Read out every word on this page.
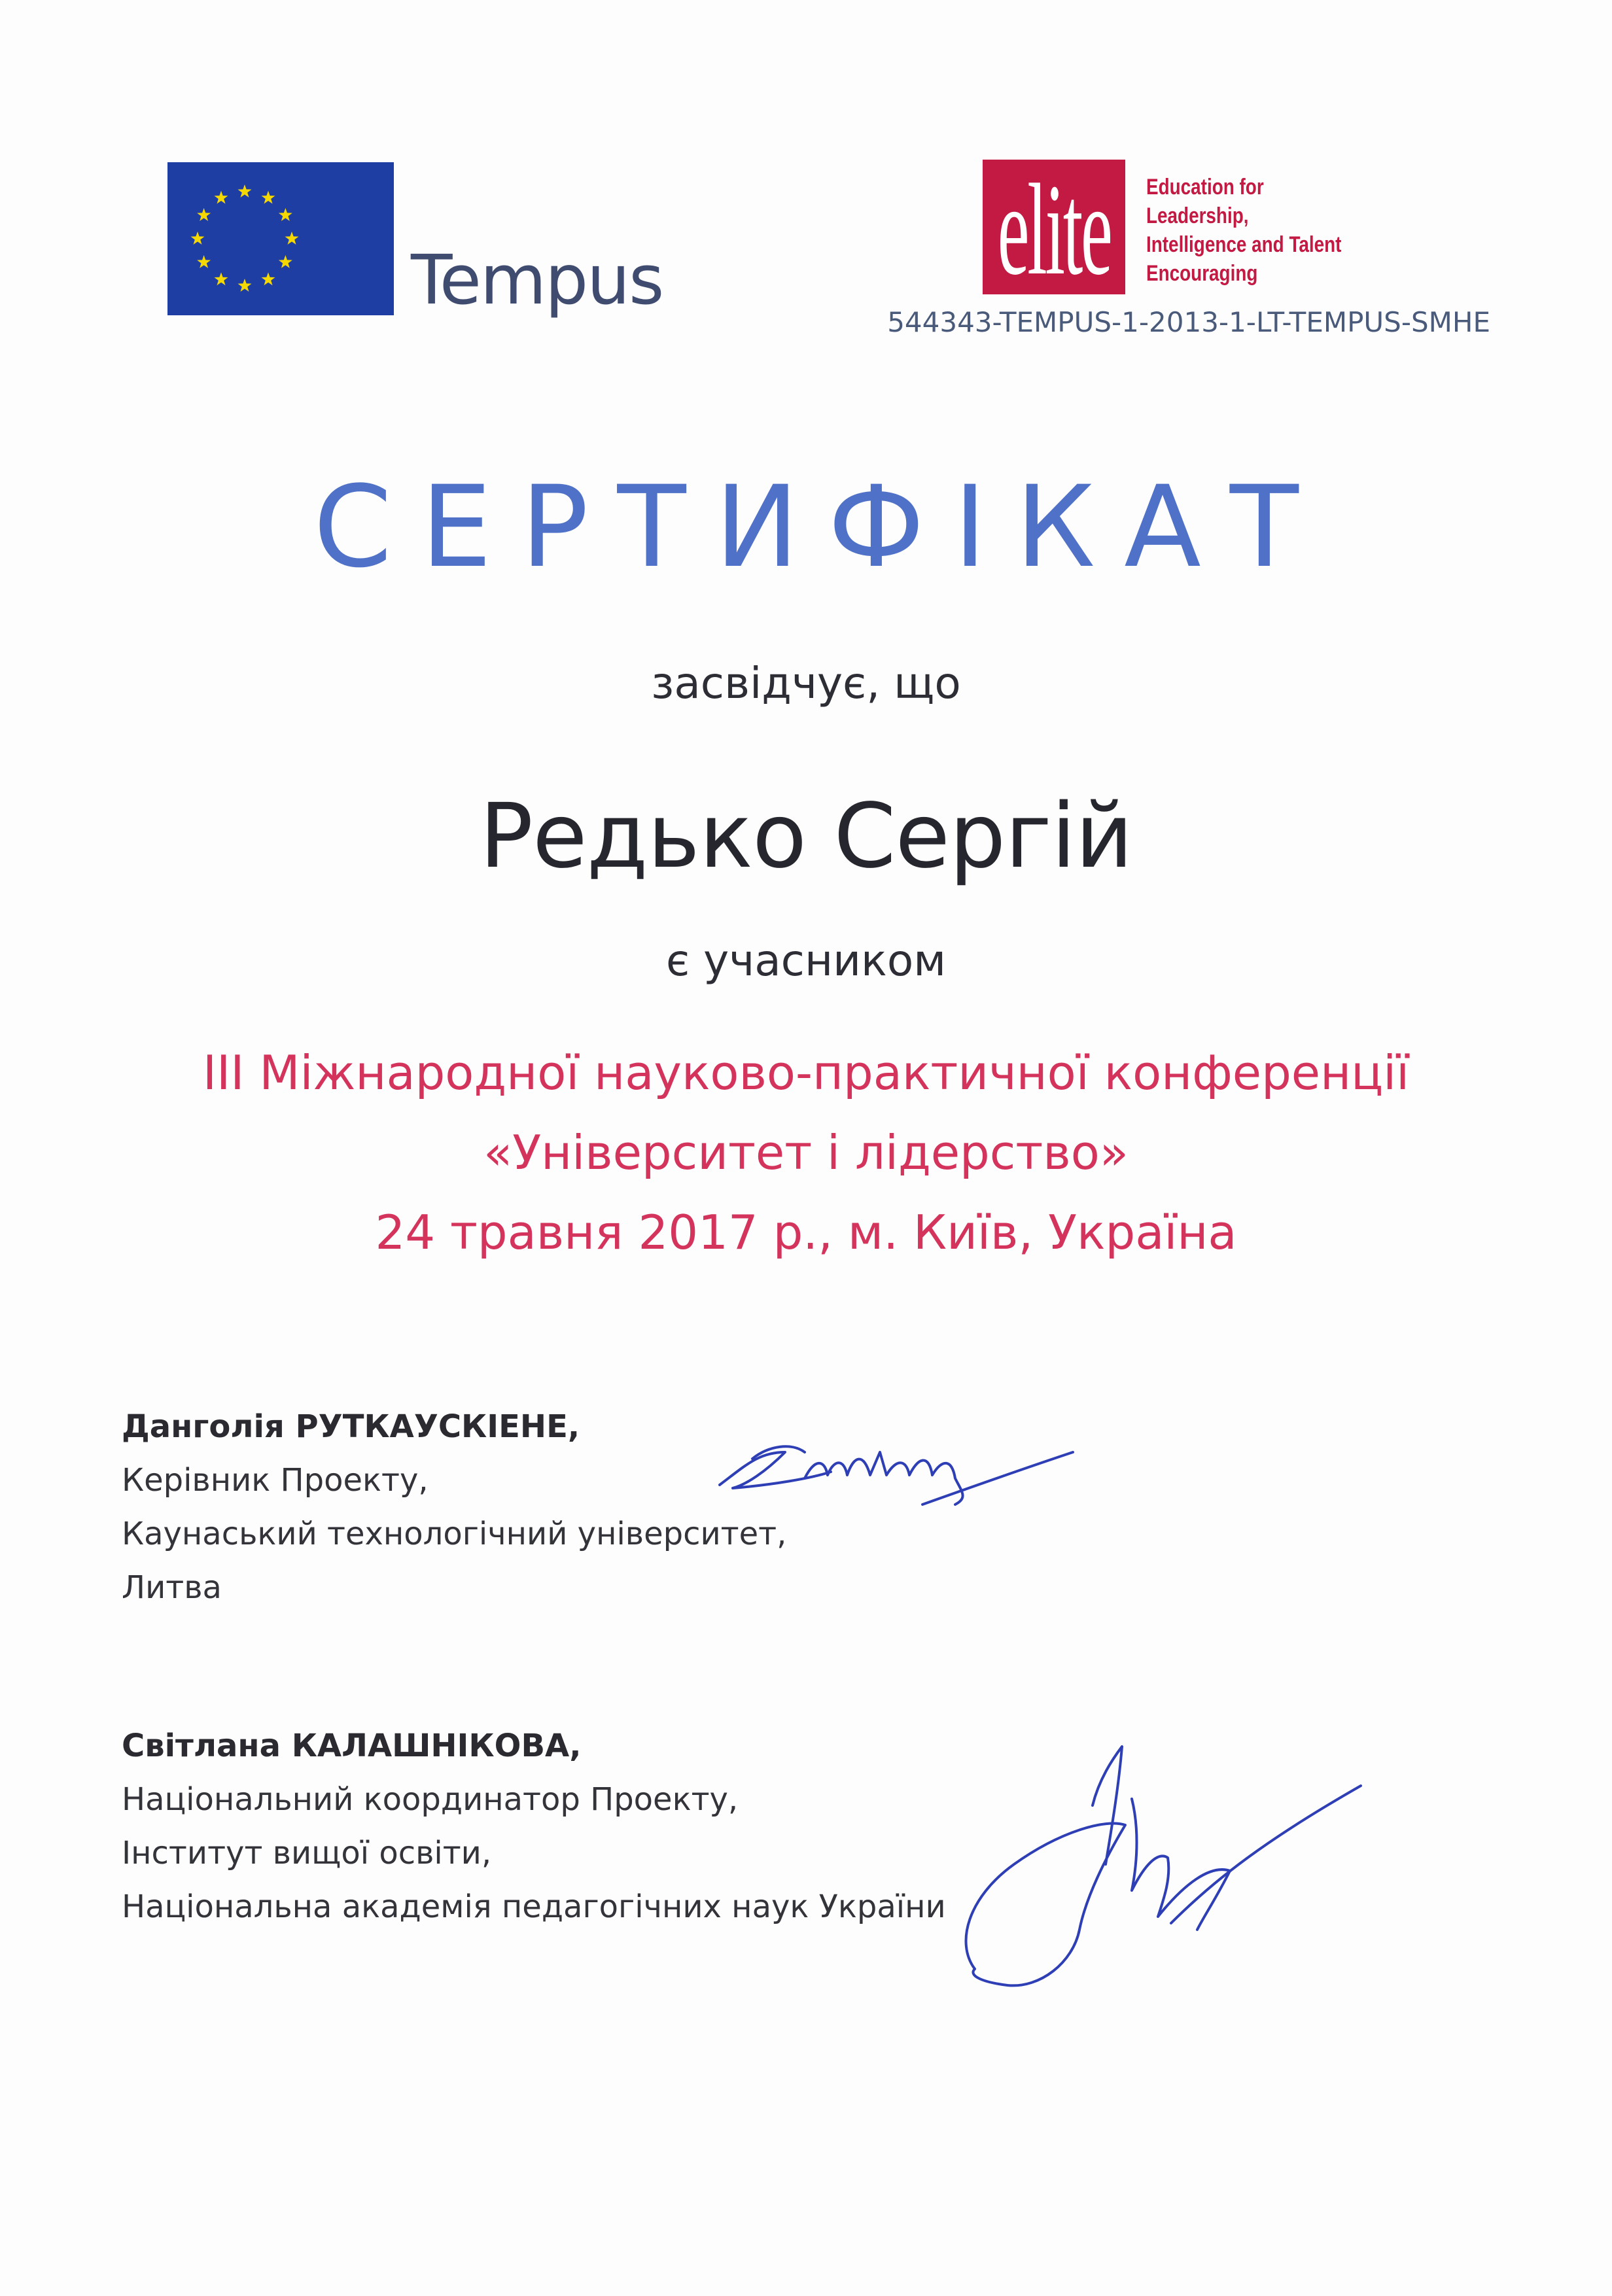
Tempus	elite Education for
Leadership,
Intelligence and Talent
Encouraging
544343-TEMPUS-1-2013-1-LT-TEMPUS-SMHE
СЕРТИФІКАТ
засвідчує, що
Редько Сергій
є учасником
ІІІ Міжнародної науково-практичної конференції
«Університет і лідерство»
24 травня 2017 р., м. Київ, Україна
Данголія РУТКАУСКІЕНЕ,
Керівник Проекту,
Каунаський технологічний університет,
Литва
Світлана КАЛАШНІКОВА,
Національний координатор Проекту,
Інститут вищої освіти,
Національна академія педагогічних наук України
